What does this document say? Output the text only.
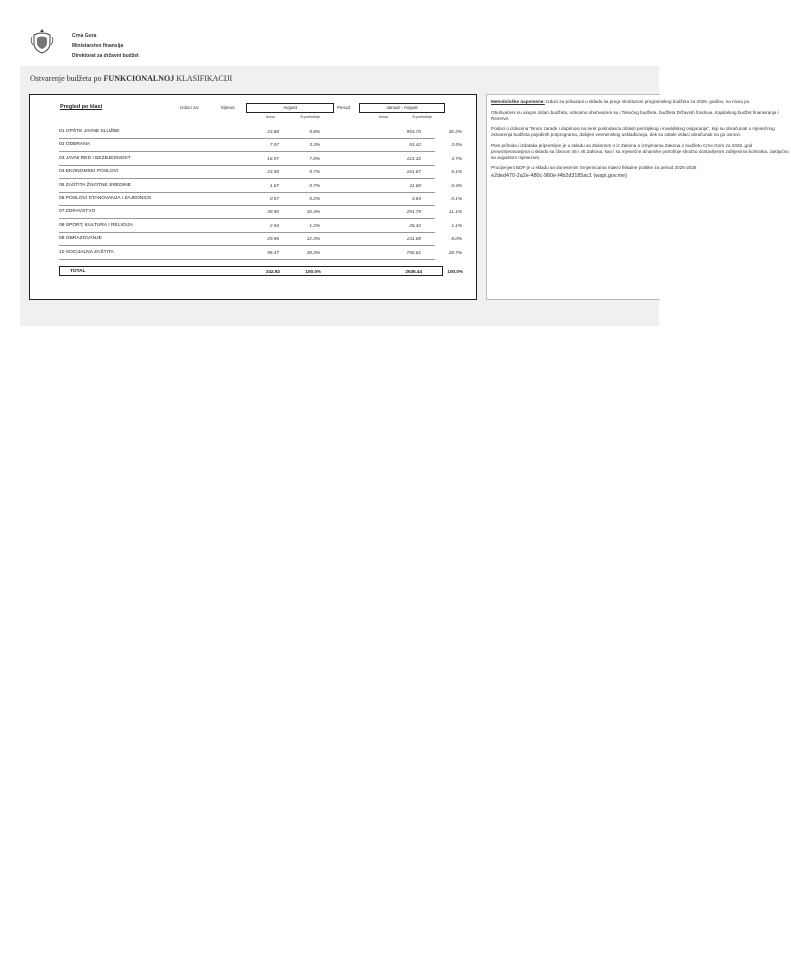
Crna Gora
Ministarstvo finansija
Direktorat za državni budžet
Ostvarenje budžeta po FUNKCIONALNOJ KLASIFIKACIJI
Pregled po klasi	Izdaci za:	Mjesec	Avgust	Period	Januar - Avgust
Iznos	% potrošnje	Iznos	% potrošnje
01 OPŠTE JAVNE SLUŽBE	23.88	9.8%	953.70	36.2%
02 ODBRANA	7.97	3.3%	91.42	3.5%
03 JAVNI RED I BEZBJEDNOST	16.97	7.0%	124.32	4.7%
04 EKONOMSKI POSLOVI	23.58	9.7%	161.87	6.1%
05 ZAŠTITA ŽIVOTNE SREDINE	1.67	0.7%	11.60	0.4%
06 POSLOVI STANOVANJA I ZAJEDNICE	0.57	0.2%	3.84	0.1%
07 ZDRAVSTVO	39.90	16.4%	291.79	11.1%
08 SPORT, KULTURA I RELIGIJA	2.94	1.2%	28.42	1.1%
09 OBRAZOVANJE	29.96	12.3%	211.88	8.0%
10 SOCIJALNA ZAŠTITA	95.47	39.3%	756.61	28.7%
TOTAL	242.92	100.0%	2635.44	100.0%

Metodološke napomene: Izdaci su prikazani u skladu sa progr strukturom programskog budžeta za 2025. godinu, na nivou po

Obuhvaćeni su ukupni izdaci budžeta, odnosno obuhvaćeni su i Tekućeg budžeta, budžeta Državnih fondova, Kapitalnog budžet finansiranja i Rezerve.

Podaci o izdacima "Bruto zarade i doprinosi na teret poslodavca oblasti penzijskog i invalidskog osiguranja", koji su obračunati u mjesečnog ostvarenja budžeta pojedinih potprograma, dobijen vremenskog usklađivanja, dok su ostale izdaci obračunati na go osnovi.

Plan prihoda i izdataka pripremljen je u skladu sa Zakonom o iz Zakona o izmjenama Zakona o budžetu Crne Gore za 2025. god preusmjeravanjima u skladu sa članom 45 i 46 Zakona, kao i sa mjesečne dinamike potrošnje shodno dostavljenim zahtjevima korisnika, zaključno sa avgustom mjesecom.

Procijenjeni BDP je u skladu sa donesenim Smjernicama makro fiskalne politike za period 2025-2028

e2ded470-2a2e-480c-980e-f4b2d3185ac1 (wapi.gov.me)
